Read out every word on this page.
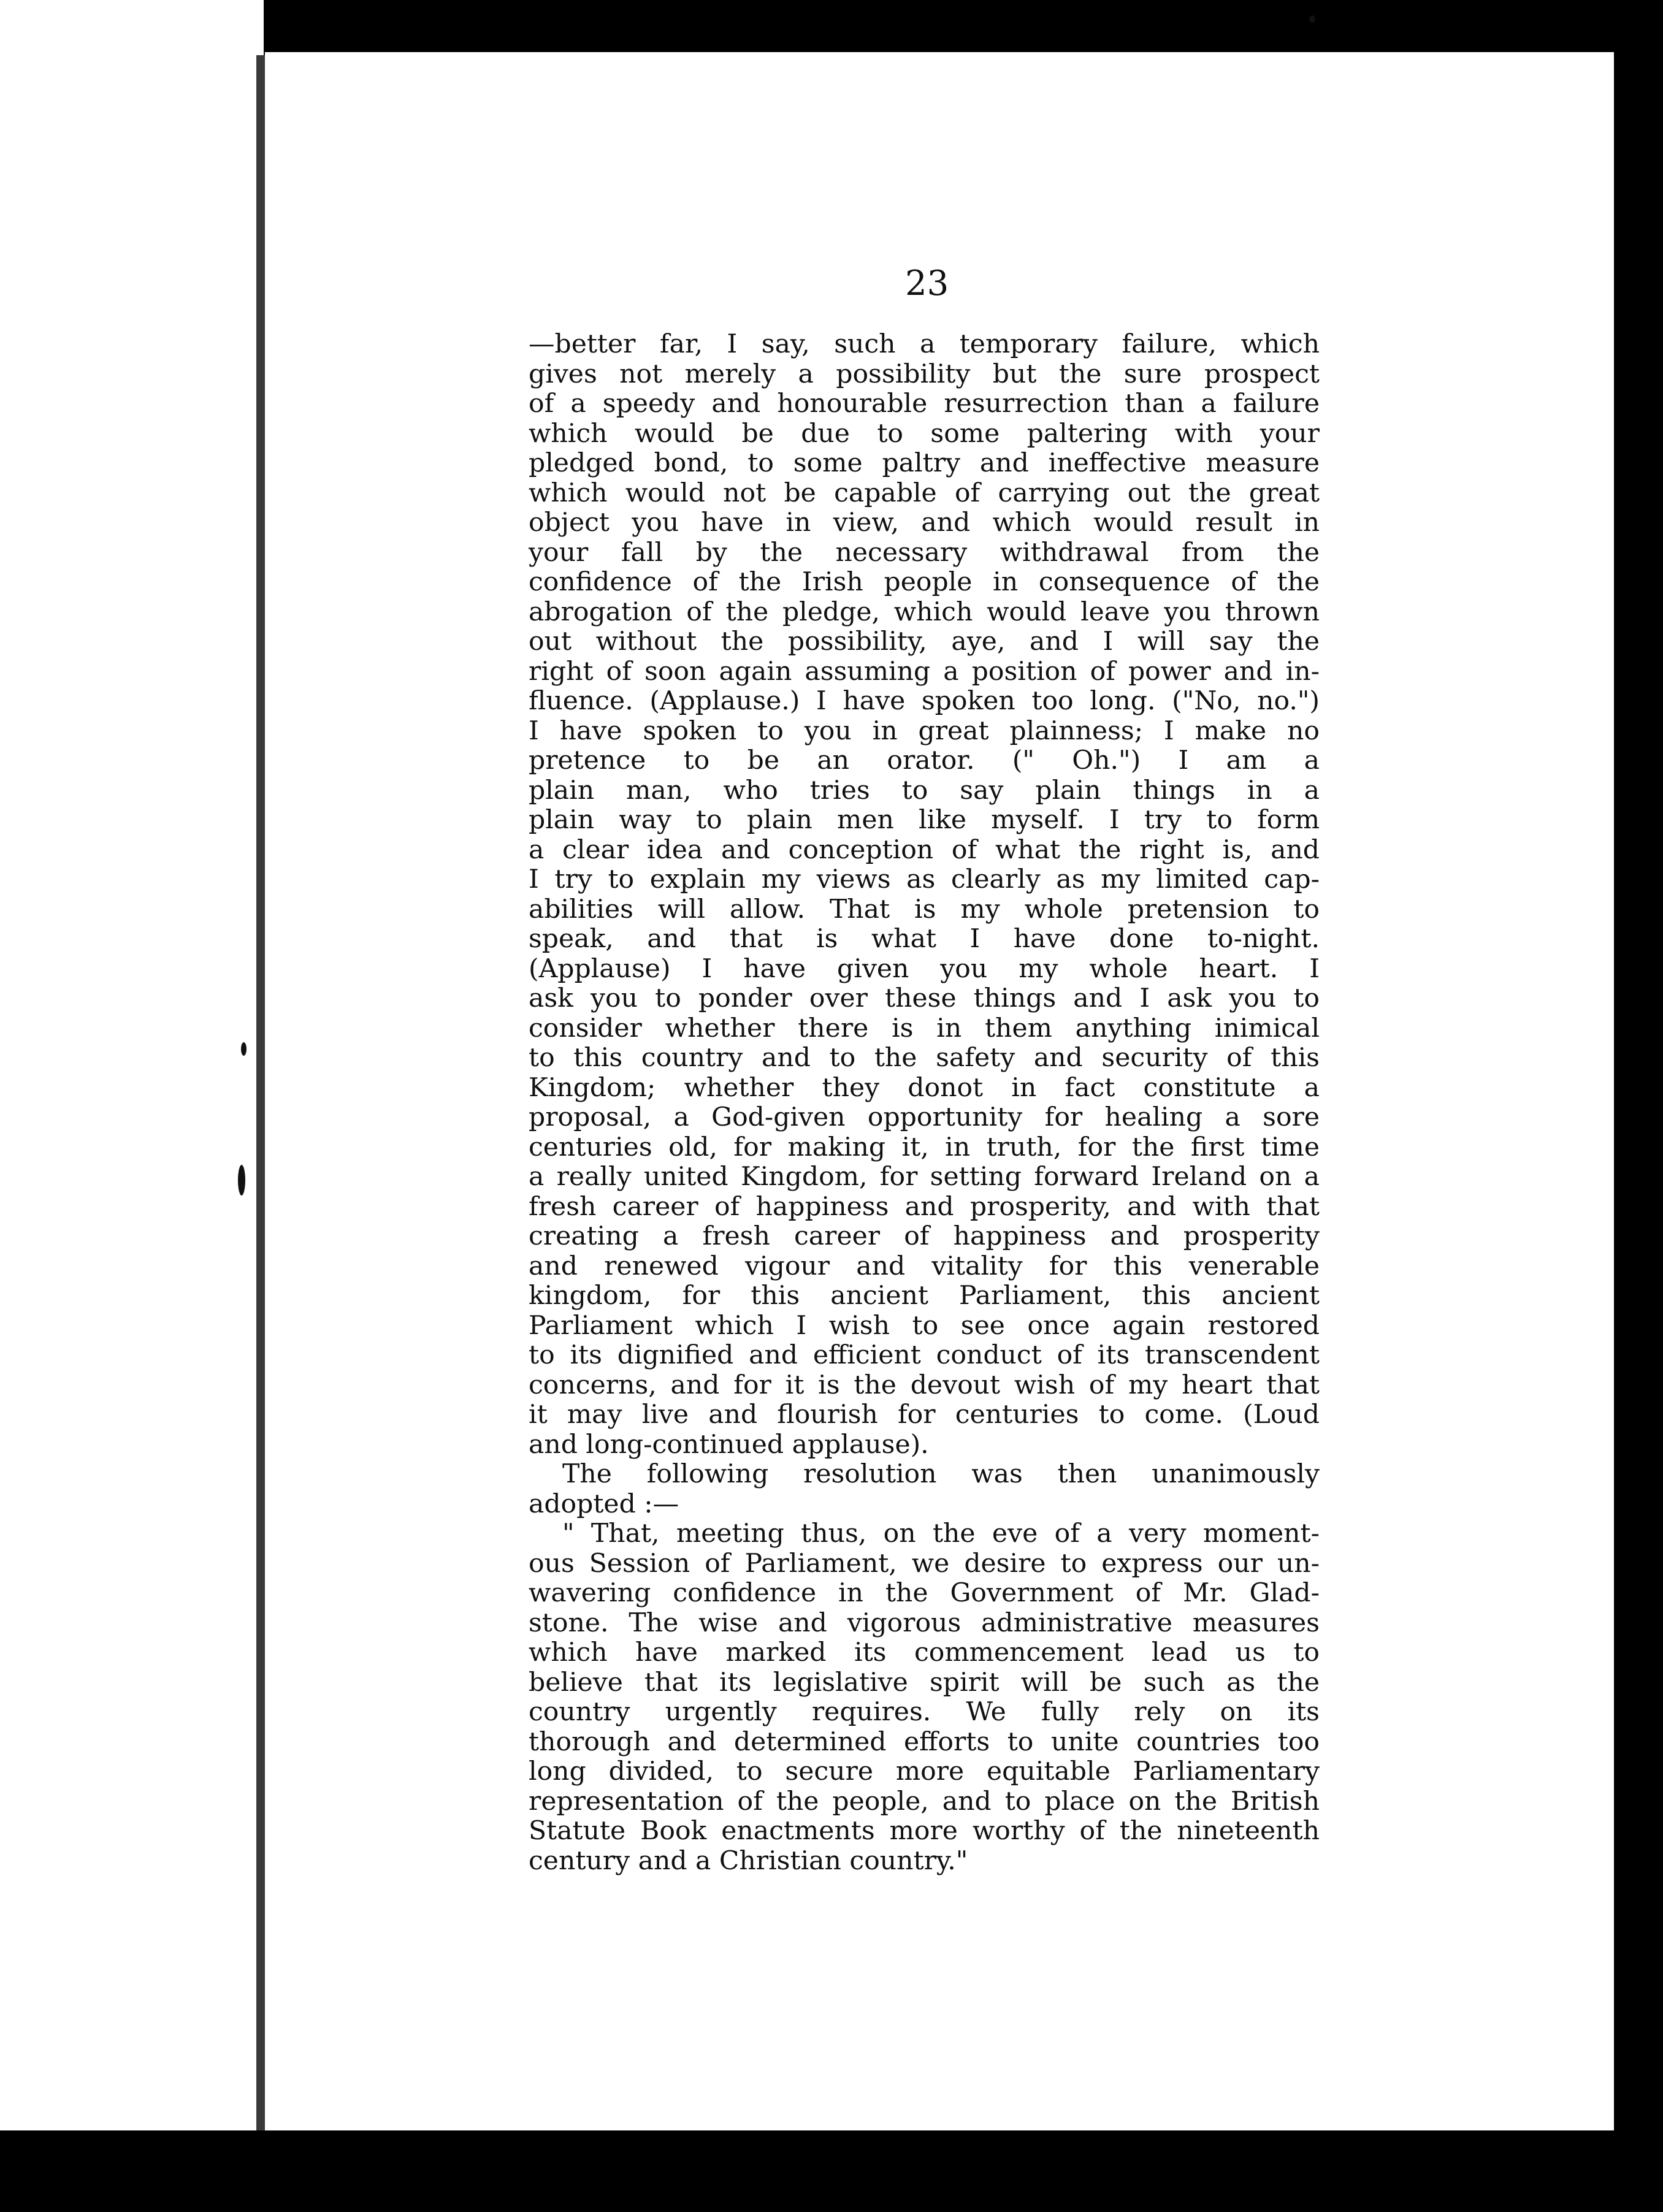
23
—better far, I say, such a temporary failure, which
gives not merely a possibility but the sure prospect
of a speedy and honourable resurrection than a failure
which would be due to some paltering with your
pledged bond, to some paltry and ineffective measure
which would not be capable of carrying out the great
object you have in view, and which would result in
your fall by the necessary withdrawal from the
confidence of the Irish people in consequence of the
abrogation of the pledge, which would leave you thrown
out without the possibility, aye, and I will say the
right of soon again assuming a position of power and in-
fluence. (Applause.) I have spoken too long. ("No, no.")
I have spoken to you in great plainness; I make no
pretence to be an orator. (" Oh.") I am a
plain man, who tries to say plain things in a
plain way to plain men like myself. I try to form
a clear idea and conception of what the right is, and
I try to explain my views as clearly as my limited cap-
abilities will allow. That is my whole pretension to
speak, and that is what I have done to-night.
(Applause) I have given you my whole heart. I
ask you to ponder over these things and I ask you to
consider whether there is in them anything inimical
to this country and to the safety and security of this
Kingdom; whether they donot in fact constitute a
proposal, a God-given opportunity for healing a sore
centuries old, for making it, in truth, for the first time
a really united Kingdom, for setting forward Ireland on a
fresh career of happiness and prosperity, and with that
creating a fresh career of happiness and prosperity
and renewed vigour and vitality for this venerable
kingdom, for this ancient Parliament, this ancient
Parliament which I wish to see once again restored
to its dignified and efficient conduct of its transcendent
concerns, and for it is the devout wish of my heart that
it may live and flourish for centuries to come. (Loud
and long-continued applause).
The following resolution was then unanimously
adopted :—
" That, meeting thus, on the eve of a very moment-
ous Session of Parliament, we desire to express our un-
wavering confidence in the Government of Mr. Glad-
stone. The wise and vigorous administrative measures
which have marked its commencement lead us to
believe that its legislative spirit will be such as the
country urgently requires. We fully rely on its
thorough and determined efforts to unite countries too
long divided, to secure more equitable Parliamentary
representation of the people, and to place on the British
Statute Book enactments more worthy of the nineteenth
century and a Christian country."
